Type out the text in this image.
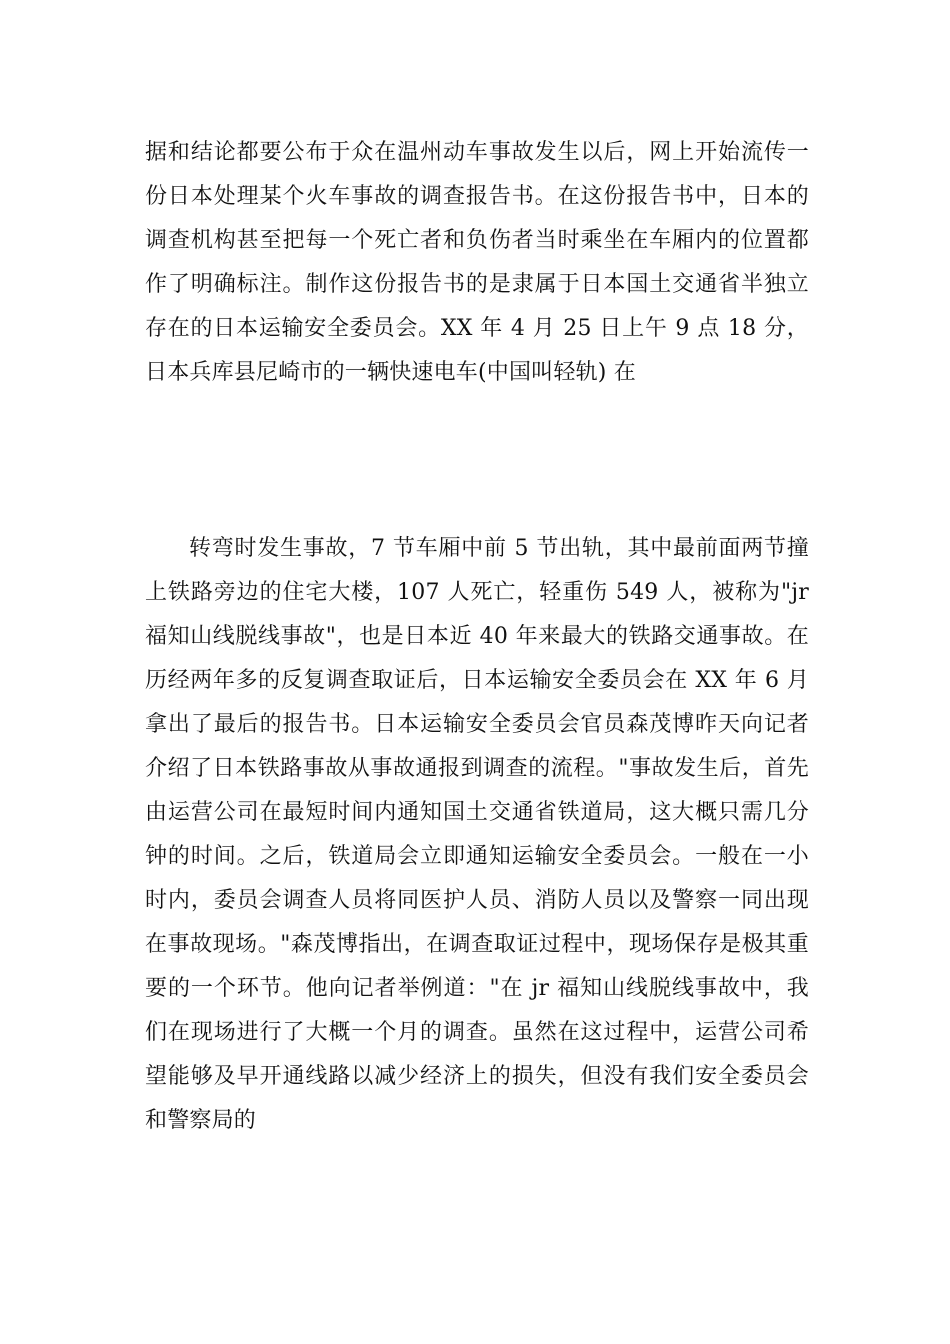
据和结论都要公布于众在温州动车事故发生以后，网上开始流传一份日本处理某个火车事故的调查报告书。在这份报告书中，日本的调查机构甚至把每一个死亡者和负伤者当时乘坐在车厢内的位置都作了明确标注。制作这份报告书的是隶属于日本国土交通省半独立存在的日本运输安全委员会。XX 年 4 月 25 日上午 9 点 18 分，日本兵库县尼崎市的一辆快速电车(中国叫轻轨) 在

转弯时发生事故，7 节车厢中前 5 节出轨，其中最前面两节撞上铁路旁边的住宅大楼，107 人死亡，轻重伤 549 人，被称为"jr 福知山线脱线事故"，也是日本近 40 年来最大的铁路交通事故。在历经两年多的反复调查取证后，日本运输安全委员会在 XX 年 6 月拿出了最后的报告书。日本运输安全委员会官员森茂博昨天向记者介绍了日本铁路事故从事故通报到调查的流程。"事故发生后，首先由运营公司在最短时间内通知国土交通省铁道局，这大概只需几分钟的时间。之后，铁道局会立即通知运输安全委员会。一般在一小时内，委员会调查人员将同医护人员、消防人员以及警察一同出现在事故现场。"森茂博指出，在调查取证过程中，现场保存是极其重要的一个环节。他向记者举例道："在 jr 福知山线脱线事故中，我们在现场进行了大概一个月的调查。虽然在这过程中，运营公司希望能够及早开通线路以减少经济上的损失，但没有我们安全委员会和警察局的
